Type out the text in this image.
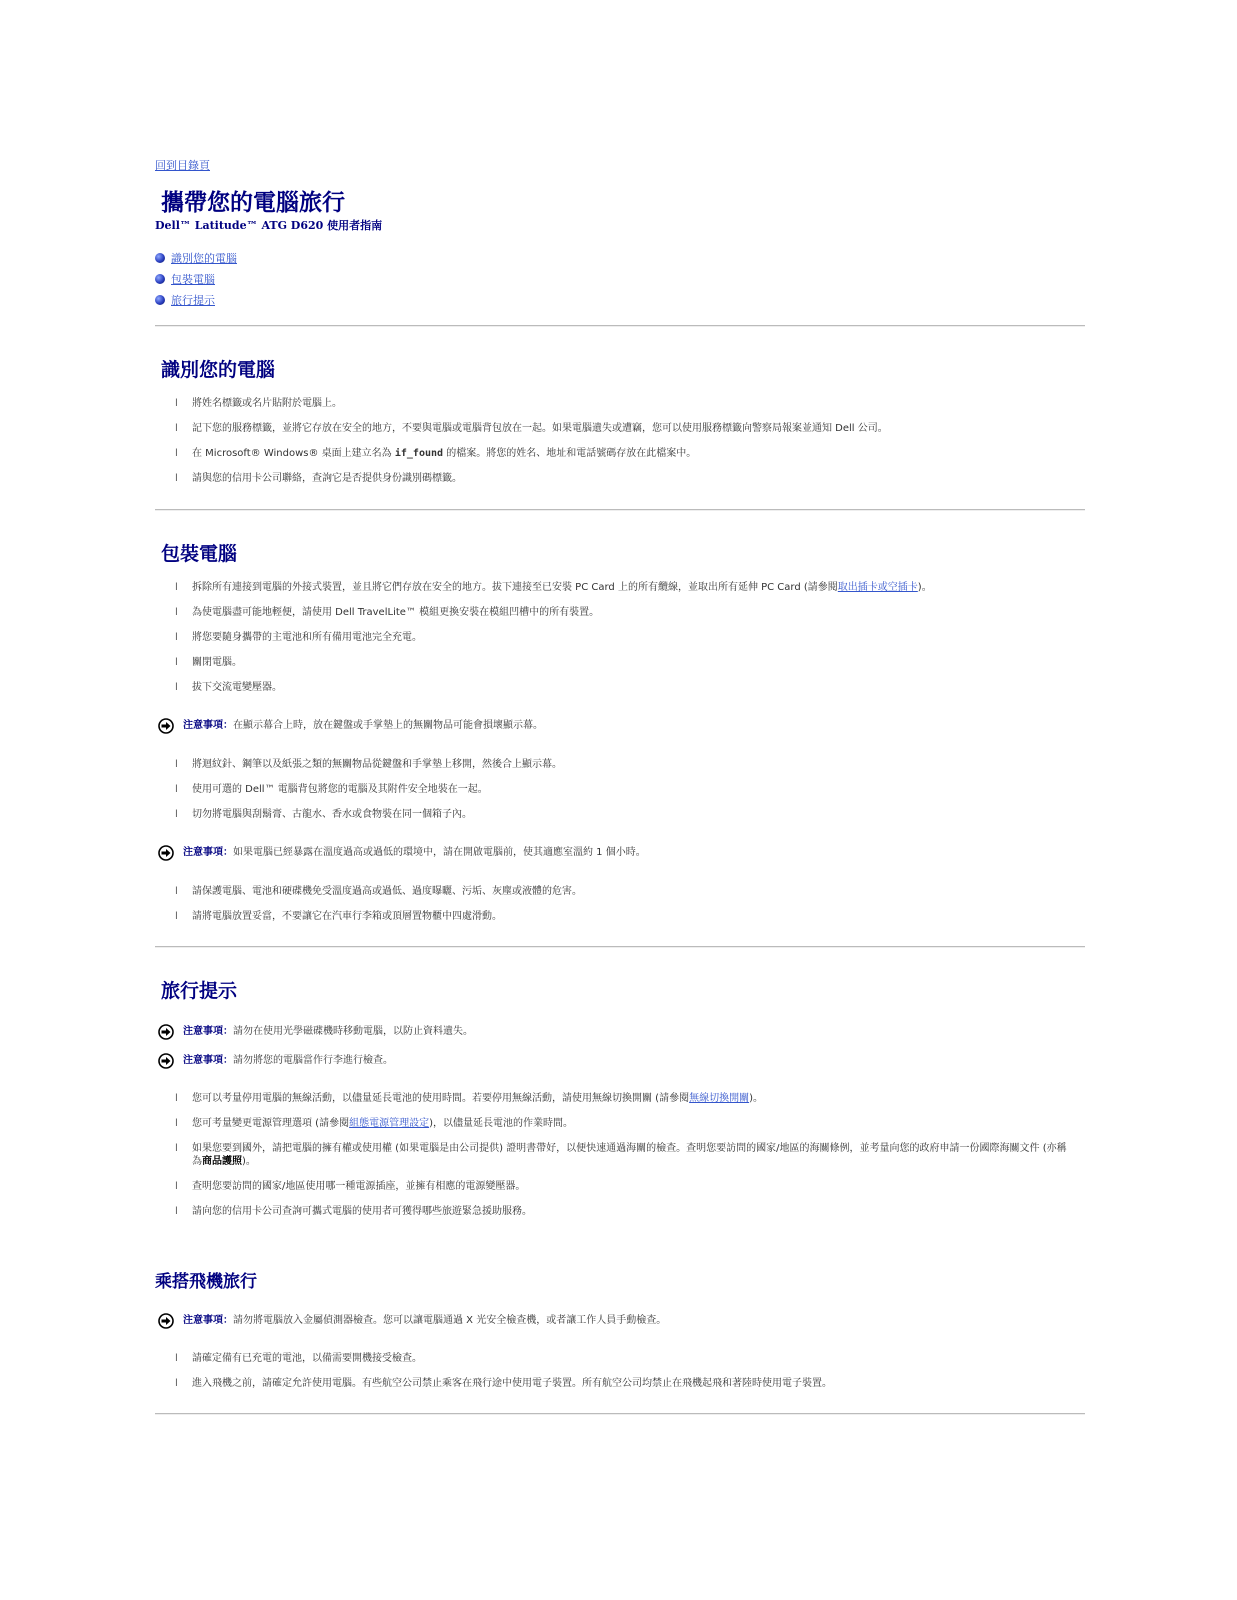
回到目錄頁
攜帶您的電腦旅行
Dell™ Latitude™ ATG D620 使用者指南
識別您的電腦
包裝電腦
旅行提示
識別您的電腦
l 將姓名標籤或名片貼附於電腦上。
l 記下您的服務標籤，並將它存放在安全的地方，不要與電腦或電腦背包放在一起。如果電腦遺失或遭竊，您可以使用服務標籤向警察局報案並通知 Dell 公司。
l 在 Microsoft® Windows® 桌面上建立名為 if_found 的檔案。將您的姓名、地址和電話號碼存放在此檔案中。
l 請與您的信用卡公司聯絡，查詢它是否提供身份識別碼標籤。
包裝電腦
l 拆除所有連接到電腦的外接式裝置，並且將它們存放在安全的地方。拔下連接至已安裝 PC Card 上的所有纜線，並取出所有延伸 PC Card (請參閱取出插卡或空插卡)。
l 為使電腦盡可能地輕便，請使用 Dell TravelLite™ 模組更換安裝在模組凹槽中的所有裝置。
l 將您要隨身攜帶的主電池和所有備用電池完全充電。
l 關閉電腦。
l 拔下交流電變壓器。
注意事項：在顯示幕合上時，放在鍵盤或手掌墊上的無關物品可能會損壞顯示幕。
l 將迴紋針、鋼筆以及紙張之類的無關物品從鍵盤和手掌墊上移開，然後合上顯示幕。
l 使用可選的 Dell™ 電腦背包將您的電腦及其附件安全地裝在一起。
l 切勿將電腦與刮鬍膏、古龍水、香水或食物裝在同一個箱子內。
注意事項：如果電腦已經暴露在溫度過高或過低的環境中，請在開啟電腦前，使其適應室溫約 1 個小時。
l 請保護電腦、電池和硬碟機免受溫度過高或過低、過度曝曬、污垢、灰塵或液體的危害。
l 請將電腦放置妥當，不要讓它在汽車行李箱或頂層置物櫃中四處滑動。
旅行提示
注意事項：請勿在使用光學磁碟機時移動電腦，以防止資料遺失。
注意事項：請勿將您的電腦當作行李進行檢查。
l 您可以考量停用電腦的無線活動，以儘量延長電池的使用時間。若要停用無線活動，請使用無線切換開關 (請參閱無線切換開關)。
l 您可考量變更電源管理選項 (請參閱組態電源管理設定)，以儘量延長電池的作業時間。
l 如果您要到國外，請把電腦的擁有權或使用權 (如果電腦是由公司提供) 證明書帶好，以便快速通過海關的檢查。查明您要訪問的國家/地區的海關條例，並考量向您的政府申請一份國際海關文件 (亦稱為商品護照)。
l 查明您要訪問的國家/地區使用哪一種電源插座，並擁有相應的電源變壓器。
l 請向您的信用卡公司查詢可攜式電腦的使用者可獲得哪些旅遊緊急援助服務。
乘搭飛機旅行
注意事項：請勿將電腦放入金屬偵測器檢查。您可以讓電腦通過 X 光安全檢查機，或者讓工作人員手動檢查。
l 請確定備有已充電的電池，以備需要開機接受檢查。
l 進入飛機之前，請確定允許使用電腦。有些航空公司禁止乘客在飛行途中使用電子裝置。所有航空公司均禁止在飛機起飛和著陸時使用電子裝置。
